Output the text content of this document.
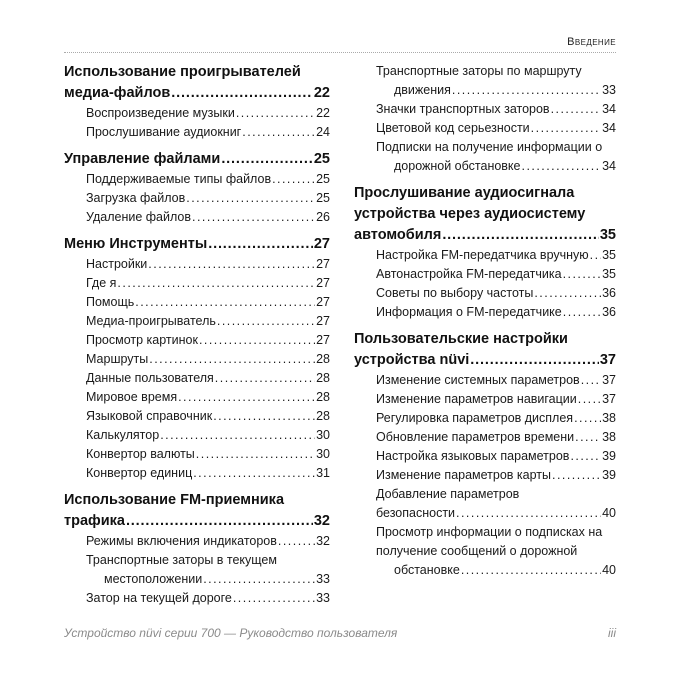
Введение
Использование проигрывателей
медиа-файлов . . .	22
Воспроизведение музыки . . .	22
Прослушивание аудиокниг . . .	24
Управление файлами . . .	25
Поддерживаемые типы файлов . . .	25
Загрузка файлов . . .	25
Удаление файлов . . .	26
Меню Инструменты . . .	27
Настройки . . .	27
Где я . . .	27
Помощь . . .	27
Медиа-проигрыватель . . .	27
Просмотр картинок . . .	27
Маршруты . . .	28
Данные пользователя . . .	28
Мировое время . . .	28
Языковой справочник . . .	28
Калькулятор . . .	30
Конвертор валюты . . .	30
Конвертор единиц . . .	31
Использование FM-приемника
трафика . . .	32
Режимы включения индикаторов . . .	32
Транспортные заторы в текущем
местоположении . . .	33
Затор на текущей дороге . . .	33
Транспортные заторы по маршруту
движения . . .	33
Значки транспортных заторов . . .	34
Цветовой код серьезности . . .	34
Подписки на получение информации о
дорожной обстановке . . .	34
Прослушивание аудиосигнала
устройства через аудиосистему
автомобиля . . .	35
Настройка FM-передатчика вручную . . . 35
Автонастройка FM-передатчика . . .	35
Советы по выбору частоты . . .	36
Информация о FM-передатчике . . .	36
Пользовательские настройки
устройства nüvi . . .	37
Изменение системных параметров . . . 37
Изменение параметров навигации . . . 37
Регулировка параметров дисплея . . . 38
Обновление параметров времени . . . 38
Настройка языковых параметров . . .	39
Изменение параметров карты . . .	39
Добавление параметров
безопасности . . .	40
Просмотр информации о подписках на
получение сообщений о дорожной
обстановке . . .	40
Устройство nüvi серии 700 — Руководство пользователя	iii
